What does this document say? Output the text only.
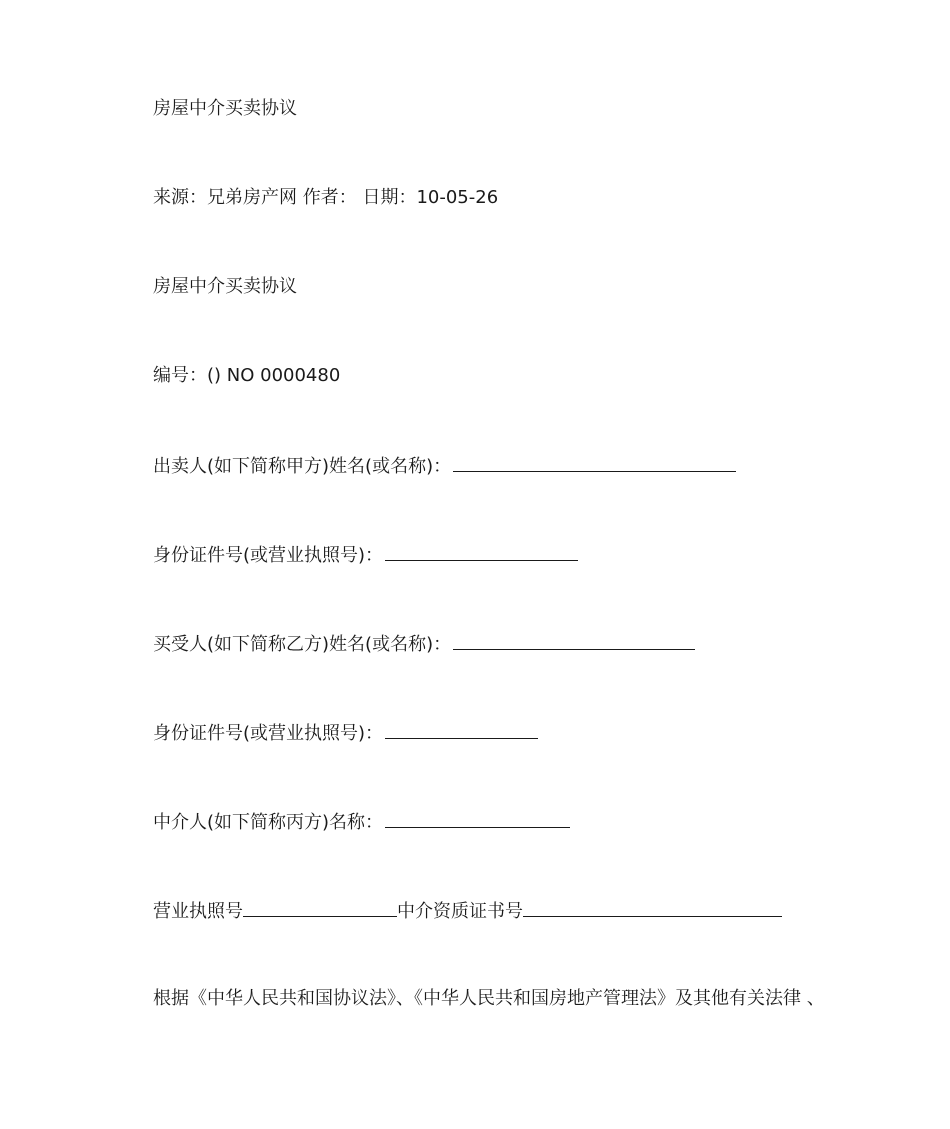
房屋中介买卖协议
来源：兄弟房产网 作者： 日期：10-05-26
房屋中介买卖协议
编号：() NO 0000480
出卖人(如下简称甲方)姓名(或名称)：
身份证件号(或营业执照号)：
买受人(如下简称乙方)姓名(或名称)：
身份证件号(或营业执照号)：
中介人(如下简称丙方)名称：
营业执照号	中介资质证书号
根据《中华人民共和国协议法》、《中华人民共和国房地产管理法》及其他有关法律 、
